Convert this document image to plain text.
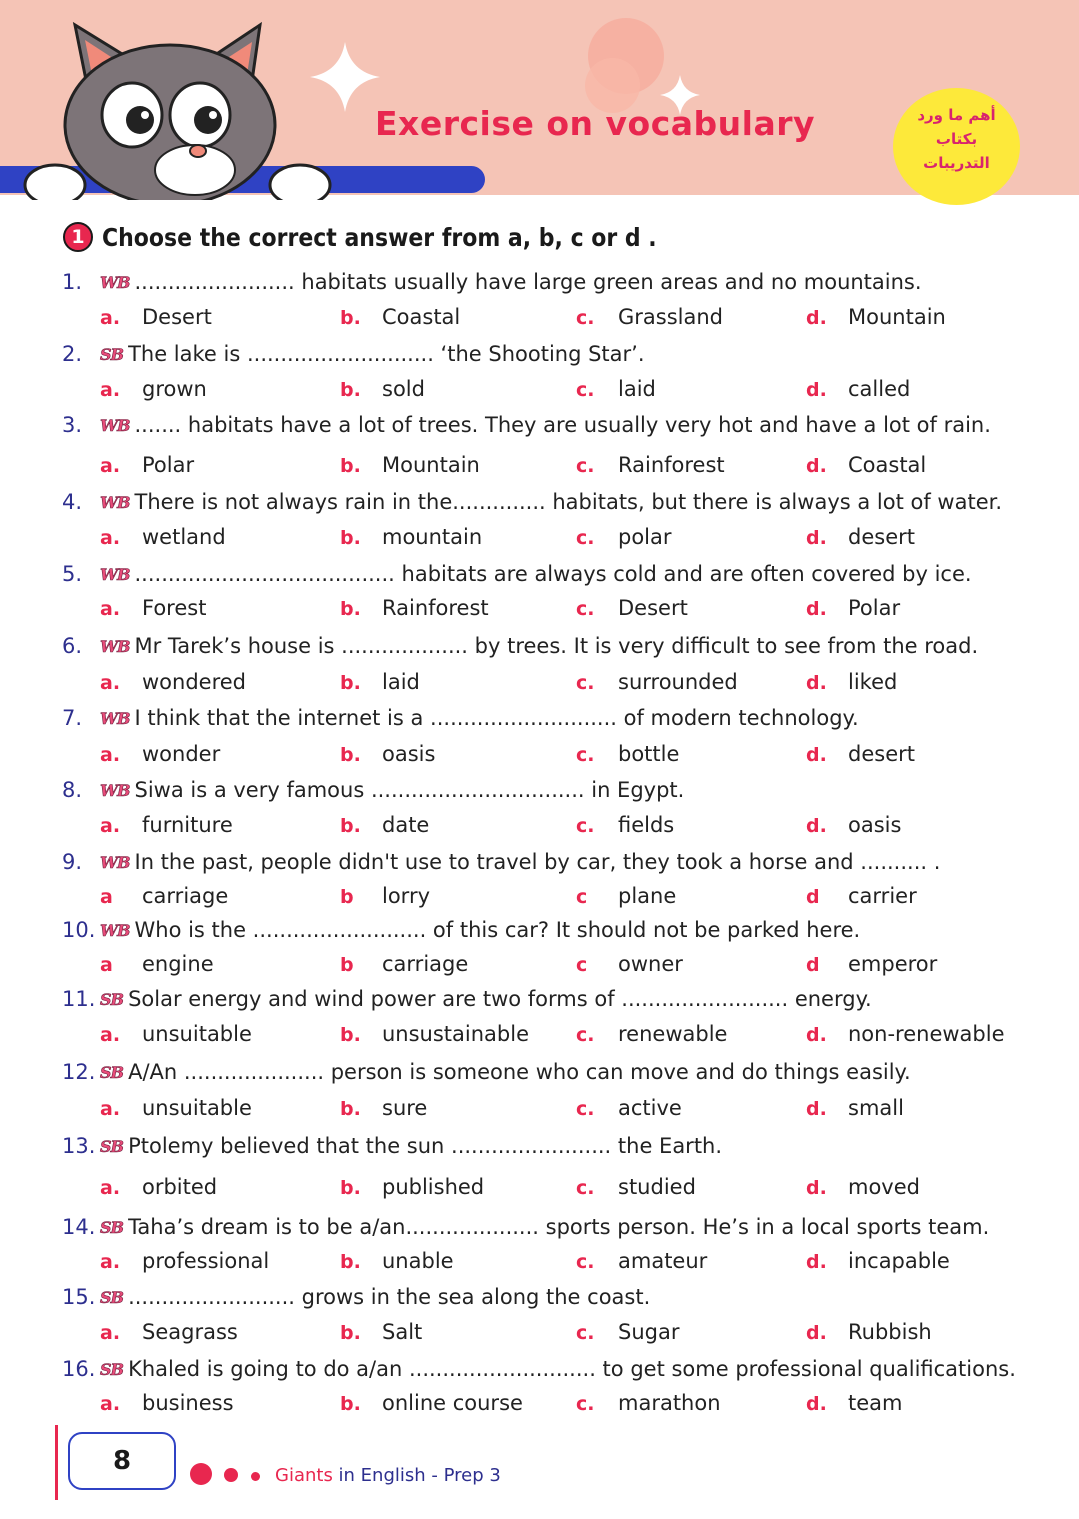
Exercise on vocabulary	أهم ما ورد
بكتاب
التدريبات
1 Choose the correct answer from a, b, c or d .
1.	WB ........................ habitats usually have large green areas and no mountains.
a. Desert	b. Coastal	c. Grassland	d. Mountain
2.	SB The lake is ............................ ‘the Shooting Star’.
a. grown	b. sold	c. laid	d. called
3.	WB ....... habitats have a lot of trees. They are usually very hot and have a lot of rain.
a. Polar	b. Mountain	c. Rainforest	d. Coastal
4.	WB There is not always rain in the.............. habitats, but there is always a lot of water.
a. wetland	b. mountain	c. polar	d. desert
5.	WB ....................................... habitats are always cold and are often covered by ice.
a. Forest	b. Rainforest	c. Desert	d. Polar
6.	WB Mr Tarek’s house is ................... by trees. It is very difficult to see from the road.
a. wondered	b. laid	c. surrounded	d. liked
7.	WB I think that the internet is a ............................ of modern technology.
a. wonder	b. oasis	c. bottle	d. desert
8.	WB Siwa is a very famous ................................ in Egypt.
a. furniture	b. date	c. fields	d. oasis
9.	WB In the past, people didn't use to travel by car, they took a horse and .......... .
a carriage	b lorry	c plane	d carrier
10. WB Who is the .......................... of this car? It should not be parked here.
a engine	b carriage	c owner	d emperor
11. SB Solar energy and wind power are two forms of ......................... energy.
a. unsuitable	b. unsustainable c. renewable	d. non-renewable
12. SB A/An ..................... person is someone who can move and do things easily.
a. unsuitable	b. sure	c. active	d. small
13. SB Ptolemy believed that the sun ........................ the Earth.
a. orbited	b. published	c. studied	d. moved
14. SB Taha’s dream is to be a/an.................... sports person. He’s in a local sports team.
a. professional	b. unable	c. amateur	d. incapable
15. SB ......................... grows in the sea along the coast.
a. Seagrass	b. Salt	c. Sugar	d. Rubbish
16. SB Khaled is going to do a/an ............................ to get some professional qualifications.
a. business	b. online course	c. marathon	d. team
8	Giants in English - Prep 3
